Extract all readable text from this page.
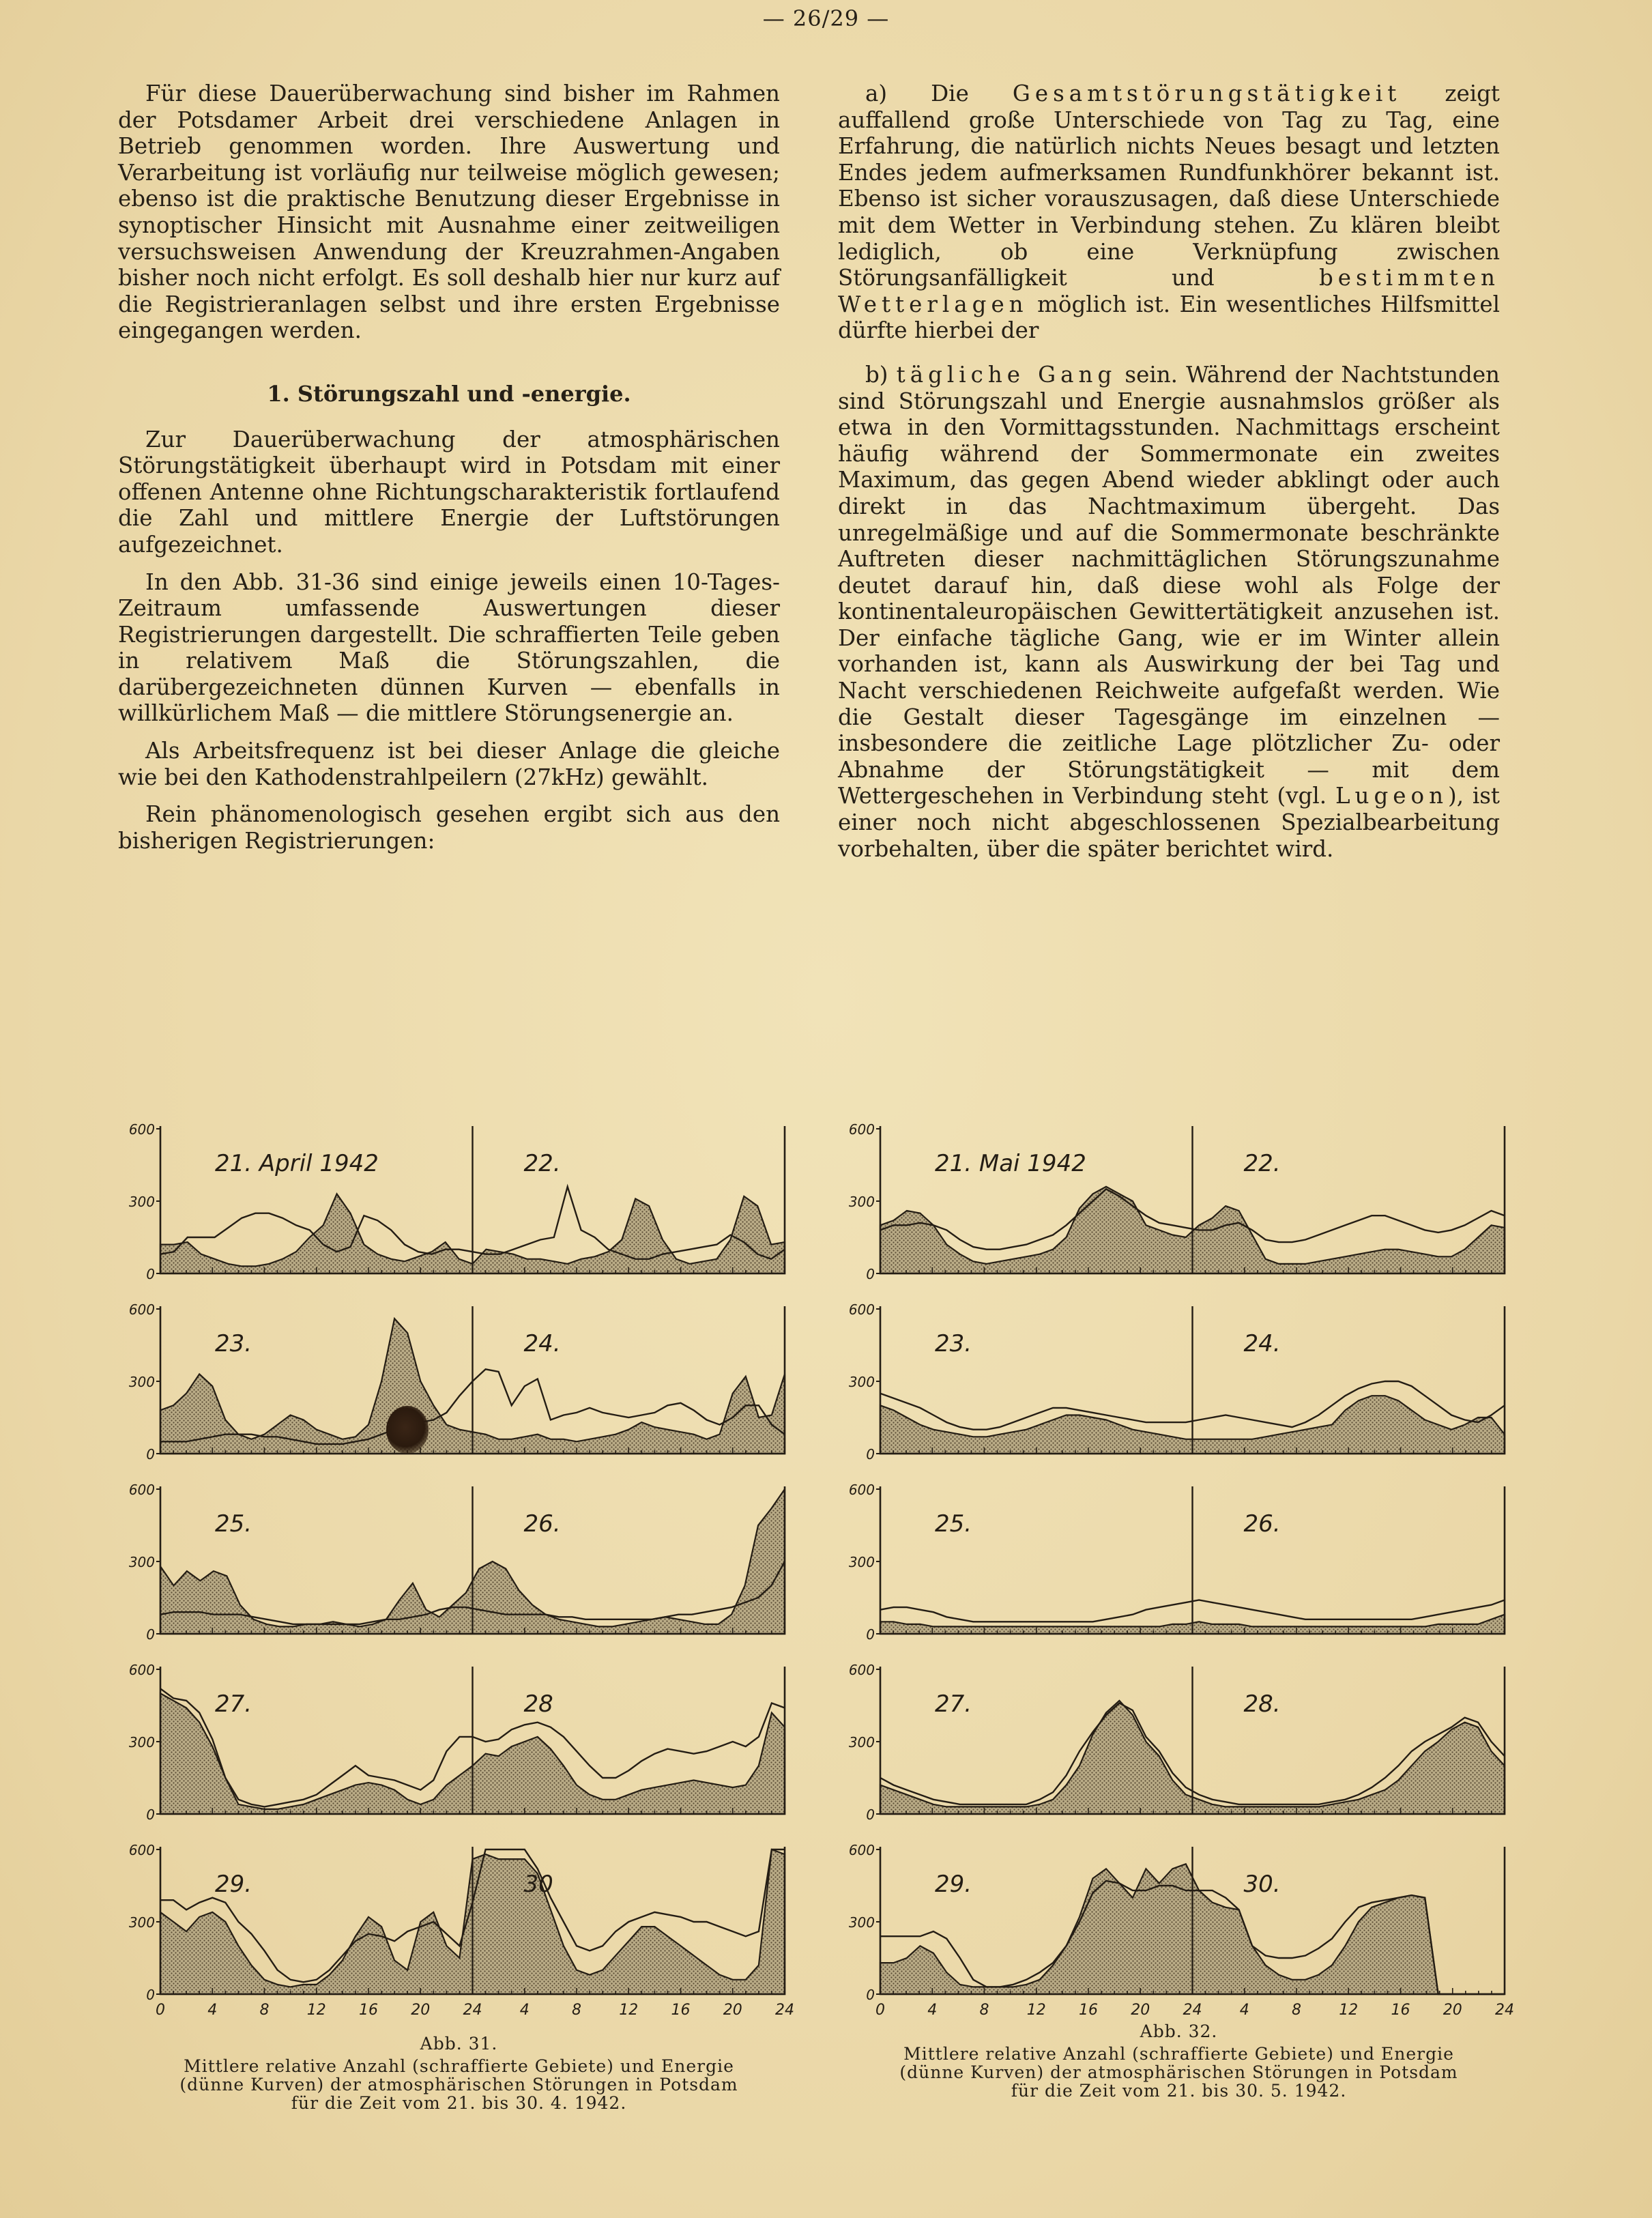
— 26/29 —

Für diese Dauerüberwachung sind bisher im Rahmen der Potsdamer Arbeit drei verschiedene Anlagen in Betrieb genommen worden. Ihre Auswertung und Verarbeitung ist vorläufig nur teilweise möglich gewesen; ebenso ist die praktische Benutzung dieser Ergebnisse in synoptischer Hinsicht mit Ausnahme einer zeitweiligen versuchsweisen Anwendung der Kreuzrahmen-Angaben bisher noch nicht erfolgt. Es soll deshalb hier nur kurz auf die Registrieranlagen selbst und ihre ersten Ergebnisse eingegangen werden.

1. Störungszahl und -energie.

Zur Dauerüberwachung der atmosphärischen Störungstätigkeit überhaupt wird in Potsdam mit einer offenen Antenne ohne Richtungscharakteristik fortlaufend die Zahl und mittlere Energie der Luftstörungen aufgezeichnet.

In den Abb. 31-36 sind einige jeweils einen 10-Tages-Zeitraum umfassende Auswertungen dieser Registrierungen dargestellt. Die schraffierten Teile geben in relativem Maß die Störungszahlen, die darübergezeichneten dünnen Kurven — ebenfalls in willkürlichem Maß — die mittlere Störungsenergie an.

Als Arbeitsfrequenz ist bei dieser Anlage die gleiche wie bei den Kathodenstrahlpeilern (27kHz) gewählt.

Rein phänomenologisch gesehen ergibt sich aus den bisherigen Registrierungen:

a) Die Gesamtstörungstätigkeit zeigt auffallend große Unterschiede von Tag zu Tag, eine Erfahrung, die natürlich nichts Neues besagt und letzten Endes jedem aufmerksamen Rundfunkhörer bekannt ist. Ebenso ist sicher vorauszusagen, daß diese Unterschiede mit dem Wetter in Verbindung stehen. Zu klären bleibt lediglich, ob eine Verknüpfung zwischen Störungsanfälligkeit und	bestimmten Wetterlagen möglich ist. Ein wesentliches Hilfsmittel dürfte hierbei der

b) tägliche Gang sein. Während der Nachtstunden sind Störungszahl und Energie ausnahmslos größer als etwa in den Vormittagsstunden. Nachmittags erscheint häufig während der Sommermonate ein zweites Maximum, das gegen Abend wieder abklingt oder auch direkt in das Nachtmaximum übergeht. Das unregelmäßige und auf die Sommermonate beschränkte Auftreten dieser nachmittäglichen Störungszunahme deutet darauf hin, daß diese wohl als Folge der kontinentaleuropäischen Gewittertätigkeit anzusehen ist. Der einfache tägliche Gang, wie er im Winter allein vorhanden ist, kann als Auswirkung der bei Tag und Nacht verschiedenen Reichweite aufgefaßt werden. Wie die Gestalt dieser Tagesgänge im einzelnen — insbesondere die zeitliche Lage plötzlicher Zu- oder Abnahme der Störungstätigkeit — mit dem Wettergeschehen in Verbindung steht (vgl. Lugeon), ist einer noch nicht abgeschlossenen Spezialbearbeitung vorbehalten, über die später berichtet wird.

600
300
0
21. April 1942	22.
600
300
0
23.	24.
600
300
0
25.	26.
600
300
0
27.	28
600
300
0
29.	30
0	4	8	12 16 20 24	4	8	12 16 20 24
600
300
0
21. Mai 1942	22.
600
300
0
23.	24.
600
300
0
25.	26.
600
300
0
27.	28.
600
300
0
29.	30.
0	4	8	12 16 20 24	4	8	12 16 20 24
Abb. 31.
Mittlere relative Anzahl (schraffierte Gebiete) und Energie
(dünne Kurven) der atmosphärischen Störungen in Potsdam
für die Zeit vom 21. bis 30. 4. 1942.
Abb. 32.
Mittlere relative Anzahl (schraffierte Gebiete) und Energie
(dünne Kurven) der atmosphärischen Störungen in Potsdam
für die Zeit vom 21. bis 30. 5. 1942.
